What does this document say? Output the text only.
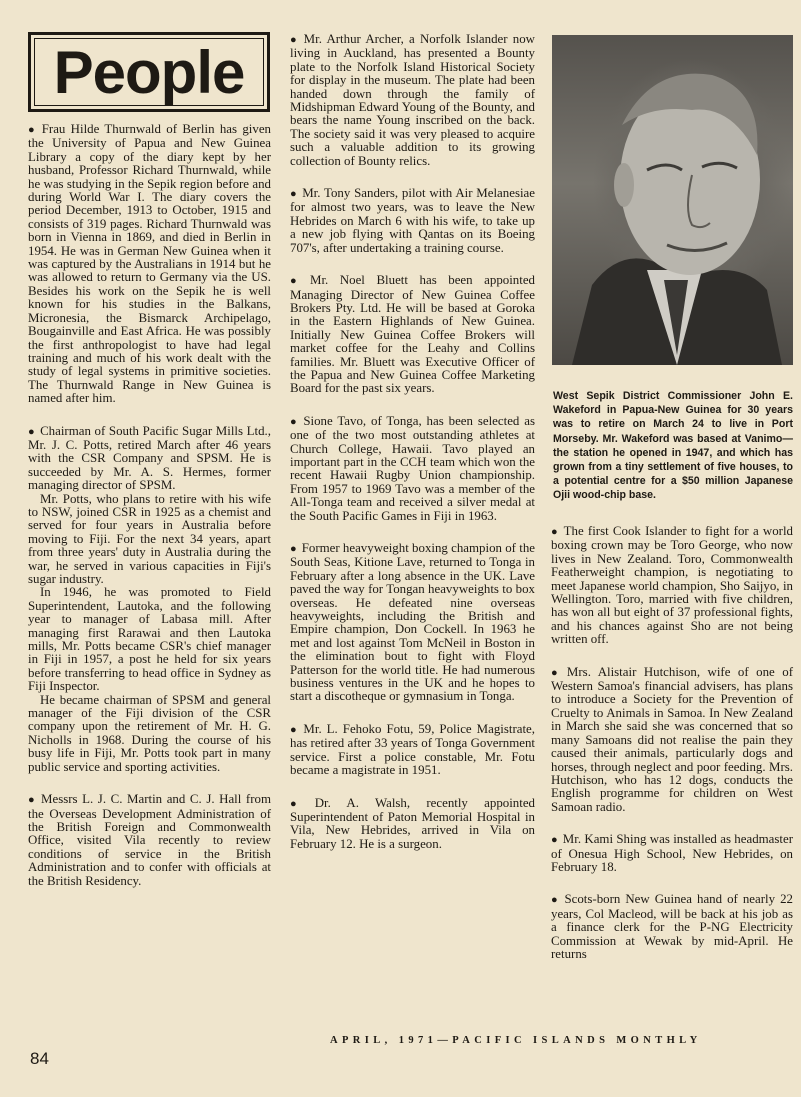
People

● Frau Hilde Thurnwald of Berlin has given the University of Papua and New Guinea Library a copy of the diary kept by her husband, Professor Richard Thurnwald, while he was studying in the Sepik region before and during World War I. The diary covers the period December, 1913 to October, 1915 and consists of 319 pages. Richard Thurnwald was born in Vienna in 1869, and died in Berlin in 1954. He was in German New Guinea when it was captured by the Australians in 1914 but he was allowed to return to Germany via the US. Besides his work on the Sepik he is well known for his studies in the Balkans, Micronesia, the Bismarck Archipelago, Bougainville and East Africa. He was possibly the first anthropologist to have had legal training and much of his work dealt with the study of legal systems in primitive societies. The Thurnwald Range in New Guinea is named after him.

● Chairman of South Pacific Sugar Mills Ltd., Mr. J. C. Potts, retired March after 46 years with the CSR Company and SPSM. He is succeeded by Mr. A. S. Hermes, former managing director of SPSM.

Mr. Potts, who plans to retire with his wife to NSW, joined CSR in 1925 as a chemist and served for four years in Australia before moving to Fiji. For the next 34 years, apart from three years' duty in Australia during the war, he served in various capacities in Fiji's sugar industry.

In 1946, he was promoted to Field Superintendent, Lautoka, and the following year to manager of Labasa mill. After managing first Rarawai and then Lautoka mills, Mr. Potts became CSR's chief manager in Fiji in 1957, a post he held for six years before transferring to head office in Sydney as Fiji Inspector.

He became chairman of SPSM and general manager of the Fiji division of the CSR company upon the retirement of Mr. H. G. Nicholls in 1968. During the course of his busy life in Fiji, Mr. Potts took part in many public service and sporting activities.

● Messrs L. J. C. Martin and C. J. Hall from the Overseas Development Administration of the British Foreign and Commonwealth Office, visited Vila recently to review conditions of service in the British Administration and to confer with officials at the British Residency.

● Mr. Arthur Archer, a Norfolk Islander now living in Auckland, has presented a Bounty plate to the Norfolk Island Historical Society for display in the museum. The plate had been handed down through the family of Midshipman Edward Young of the Bounty, and bears the name Young inscribed on the back. The society said it was very pleased to acquire such a valuable addition to its growing collection of Bounty relics.

● Mr. Tony Sanders, pilot with Air Melanesiae for almost two years, was to leave the New Hebrides on March 6 with his wife, to take up a new job flying with Qantas on its Boeing 707's, after undertaking a training course.

● Mr. Noel Bluett has been appointed Managing Director of New Guinea Coffee Brokers Pty. Ltd. He will be based at Goroka in the Eastern Highlands of New Guinea. Initially New Guinea Coffee Brokers will market coffee for the Leahy and Collins families. Mr. Bluett was Executive Officer of the Papua and New Guinea Coffee Marketing Board for the past six years.

● Sione Tavo, of Tonga, has been selected as one of the two most outstanding athletes at Church College, Hawaii. Tavo played an important part in the CCH team which won the recent Hawaii Rugby Union championship. From 1957 to 1969 Tavo was a member of the All-Tonga team and received a silver medal at the South Pacific Games in Fiji in 1963.

● Former heavyweight boxing champion of the South Seas, Kitione Lave, returned to Tonga in February after a long absence in the UK. Lave paved the way for Tongan heavyweights to box overseas. He defeated nine overseas heavyweights, including the British and Empire champion, Don Cockell. In 1963 he met and lost against Tom McNeil in Boston in the elimination bout to fight with Floyd Patterson for the world title. He had numerous business ventures in the UK and he hopes to start a discotheque or gymnasium in Tonga.

● Mr. L. Fehoko Fotu, 59, Police Magistrate, has retired after 33 years of Tonga Government service. First a police constable, Mr. Fotu became a magistrate in 1951.

● Dr. A. Walsh, recently appointed Superintendent of Paton Memorial Hospital in Vila, New Hebrides, arrived in Vila on February 12. He is a surgeon.

West Sepik District Commissioner John E. Wakeford in Papua-New Guinea for 30 years was to retire on March 24 to live in Port Morseby. Mr. Wakeford was based at Vanimo—the station he opened in 1947, and which has grown from a tiny settlement of five houses, to a potential centre for a $50 million Japanese Ojii wood-chip base.

● The first Cook Islander to fight for a world boxing crown may be Toro George, who now lives in New Zealand. Toro, Commonwealth Featherweight champion, is negotiating to meet Japanese world champion, Sho Saijyo, in Wellington. Toro, married with five children, has won all but eight of 37 professional fights, and his chances against Sho are not being written off.

● Mrs. Alistair Hutchison, wife of one of Western Samoa's financial advisers, has plans to introduce a Society for the Prevention of Cruelty to Animals in Samoa. In New Zealand in March she said she was concerned that so many Samoans did not realise the pain they caused their animals, particularly dogs and horses, through neglect and poor feeding. Mrs. Hutchison, who has 12 dogs, conducts the English programme for children on West Samoan radio.

● Mr. Kami Shing was installed as headmaster of Onesua High School, New Hebrides, on February 18.

● Scots-born New Guinea hand of nearly 22 years, Col Macleod, will be back at his job as a finance clerk for the P-NG Electricity Commission at Wewak by mid-April. He returns

84
APRIL, 1971—PACIFIC ISLANDS MONTHLY
